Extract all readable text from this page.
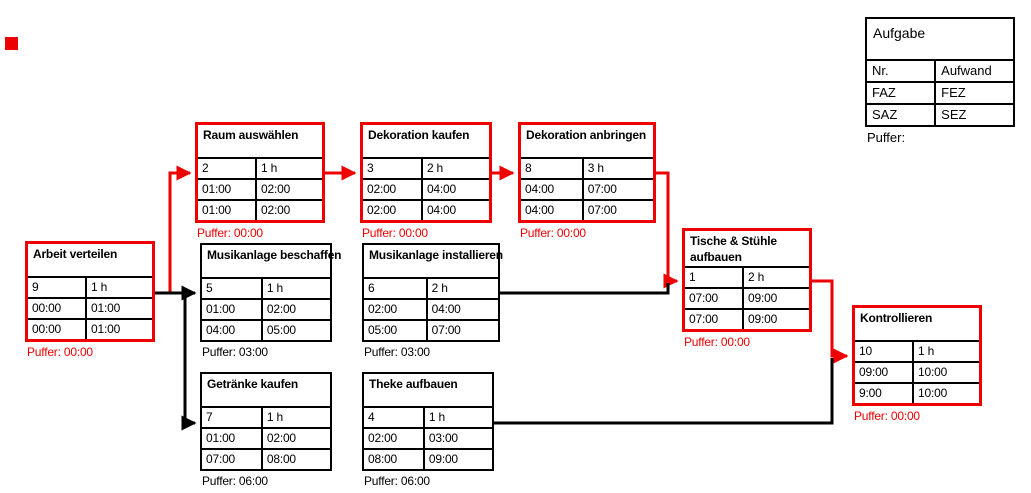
Arbeit verteilen
9	1 h
00:00	01:00
00:00	01:00
Puffer: 00:00
Raum auswählen
2	1 h
01:00	02:00
01:00	02:00
Puffer: 00:00
Dekoration kaufen
3	2 h
02:00	04:00
02:00	04:00
Puffer: 00:00
Dekoration anbringen
8	3 h
04:00	07:00
04:00	07:00
Puffer: 00:00
Musikanlage beschaffen
5	1 h
01:00	02:00
04:00	05:00
Puffer: 03:00
Musikanlage installieren
6	2 h
02:00	04:00
05:00	07:00
Puffer: 03:00
Tische & Stühle aufbauen
1	2 h
07:00	09:00
07:00	09:00
Puffer: 00:00
Getränke kaufen
7	1 h
01:00	02:00
07:00	08:00
Puffer: 06:00
Theke aufbauen
4	1 h
02:00	03:00
08:00	09:00
Puffer: 06:00
Kontrollieren
10	1 h
09:00	10:00
9:00	10:00
Puffer: 00:00
Aufgabe
Nr.	Aufwand
FAZ	FEZ
SAZ	SEZ
Puffer:
